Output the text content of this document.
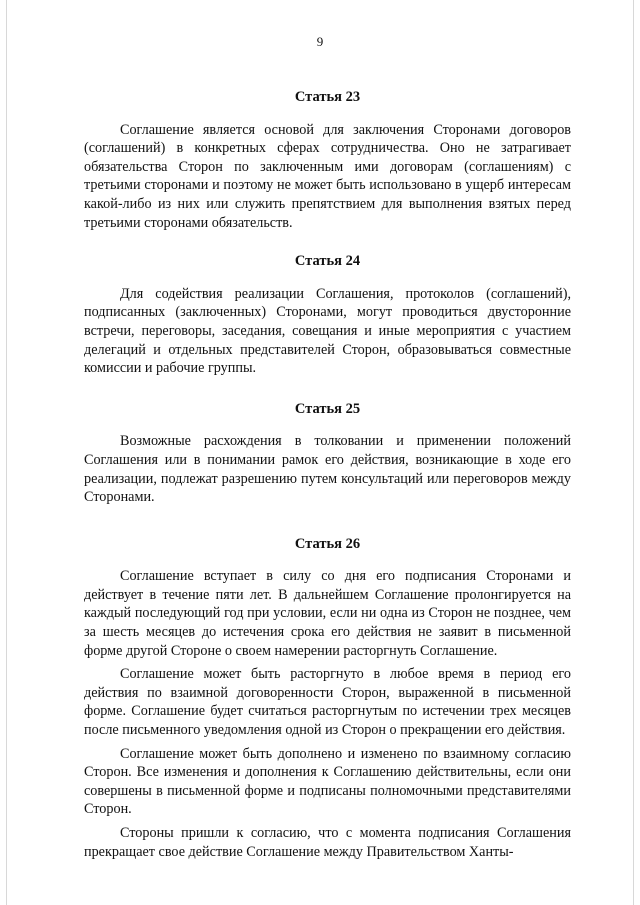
9
Статья 23

Соглашение является основой для заключения Сторонами договоров (соглашений) в конкретных сферах сотрудничества. Оно не затрагивает обязательства Сторон по заключенным ими договорам (соглашениям) с третьими сторонами и поэтому не может быть использовано в ущерб интересам какой-либо из них или служить препятствием для выполнения взятых перед третьими сторонами обязательств.

Статья 24

Для содействия реализации Соглашения, протоколов (соглашений), подписанных (заключенных) Сторонами, могут проводиться двусторонние встречи, переговоры, заседания, совещания и иные мероприятия с участием делегаций и отдельных представителей Сторон, образовываться совместные комиссии и рабочие группы.

Статья 25

Возможные расхождения в толковании и применении положений Соглашения или в понимании рамок его действия, возникающие в ходе его реализации, подлежат разрешению путем консультаций или переговоров между Сторонами.

Статья 26

Соглашение вступает в силу со дня его подписания Сторонами и действует в течение пяти лет. В дальнейшем Соглашение пролонгируется на каждый последующий год при условии, если ни одна из Сторон не позднее, чем за шесть месяцев до истечения срока его действия не заявит в письменной форме другой Стороне о своем намерении расторгнуть Соглашение.

Соглашение может быть расторгнуто в любое время в период его действия по взаимной договоренности Сторон, выраженной в письменной форме. Соглашение будет считаться расторгнутым по истечении трех месяцев после письменного уведомления одной из Сторон о прекращении его действия.

Соглашение может быть дополнено и изменено по взаимному согласию Сторон. Все изменения и дополнения к Соглашению действительны, если они совершены в письменной форме и подписаны полномочными представителями Сторон.

Стороны пришли к согласию, что с момента подписания Соглашения прекращает свое действие Соглашение между Правительством Ханты-
